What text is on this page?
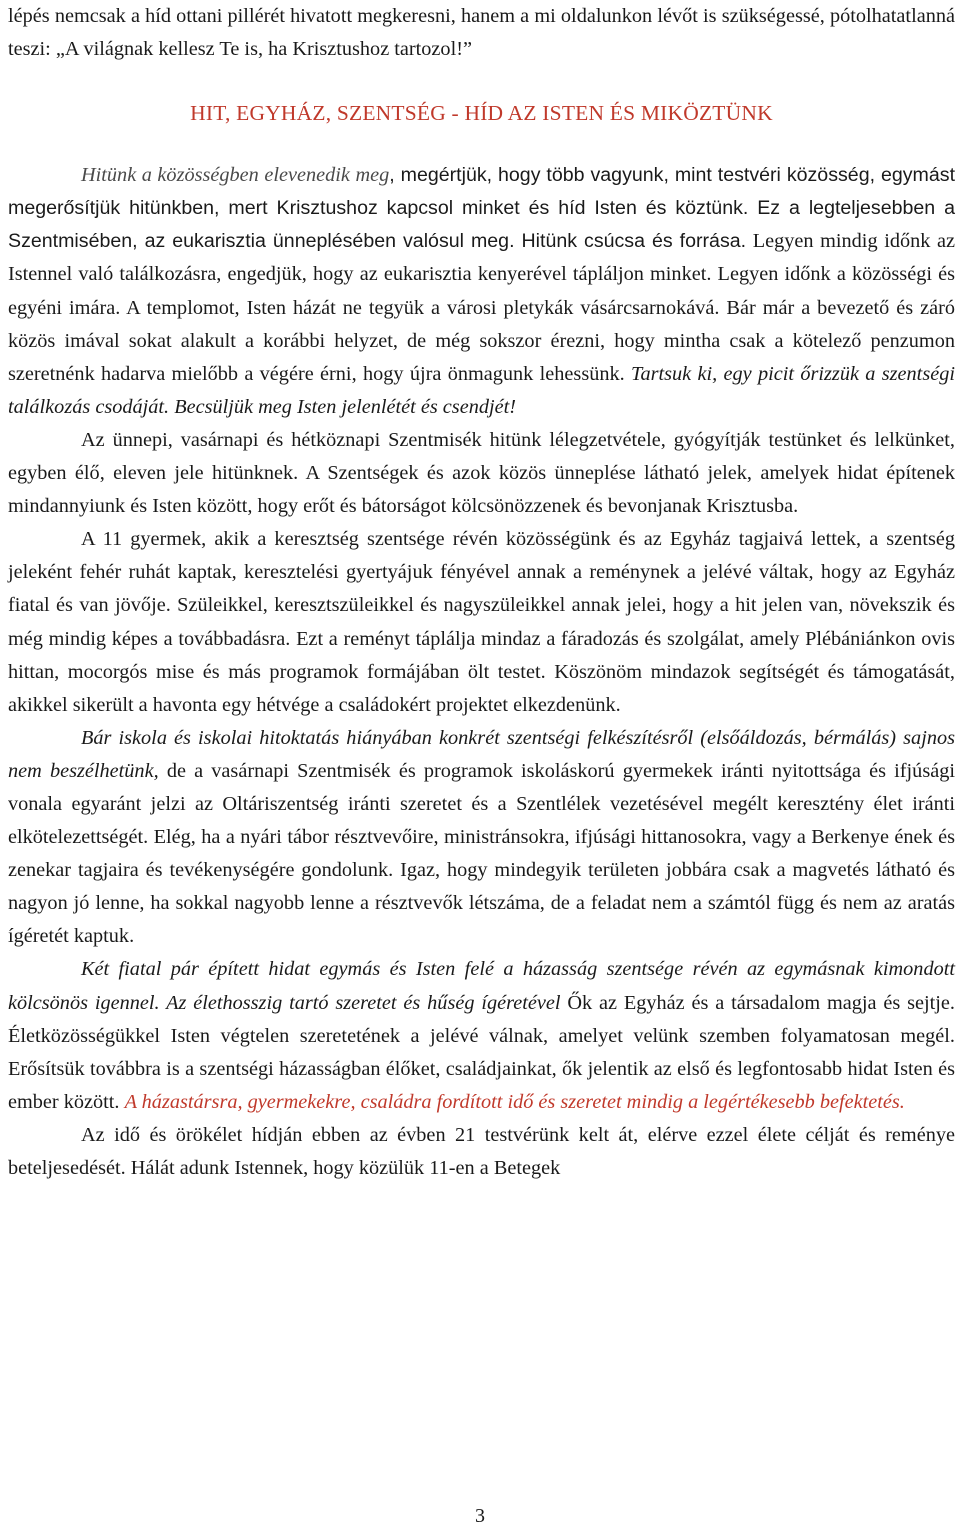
lépés nemcsak a híd ottani pillérét hivatott megkeresni, hanem a mi oldalunkon lévőt is szükségessé, pótolhatatlanná teszi: „A világnak kellesz Te is, ha Krisztushoz tartozol!”

HIT, EGYHÁZ, SZENTSÉG - HÍD AZ ISTEN ÉS MIKÖZTÜNK

Hitünk a közösségben elevenedik meg, megértjük, hogy több vagyunk, mint testvéri közösség, egymást megerősítjük hitünkben, mert Krisztushoz kapcsol minket és híd Isten és köztünk. Ez a legteljesebben a Szentmisében, az eukarisztia ünneplésében valósul meg. Hitünk csúcsa és forrása. Legyen mindig időnk az Istennel való találkozásra, engedjük, hogy az eukarisztia kenyerével tápláljon minket. Legyen időnk a közösségi és egyéni imára. A templomot, Isten házát ne tegyük a városi pletykák vásárcsarnokává. Bár már a bevezető és záró közös imával sokat alakult a korábbi helyzet, de még sokszor érezni, hogy mintha csak a kötelező penzumon szeretnénk hadarva mielőbb a végére érni, hogy újra önmagunk lehessünk. Tartsuk ki, egy picit őrizzük a szentségi találkozás csodáját. Becsüljük meg Isten jelenlétét és csendjét!

Az ünnepi, vasárnapi és hétköznapi Szentmisék hitünk lélegzetvétele, gyógyítják testünket és lelkünket, egyben élő, eleven jele hitünknek. A Szentségek és azok közös ünneplése látható jelek, amelyek hidat építenek mindannyiunk és Isten között, hogy erőt és bátorságot kölcsönözzenek és bevonjanak Krisztusba.

A 11 gyermek, akik a keresztség szentsége révén közösségünk és az Egyház tagjaivá lettek, a szentség jeleként fehér ruhát kaptak, keresztelési gyertyájuk fényével annak a reménynek a jelévé váltak, hogy az Egyház fiatal és van jövője. Szüleikkel, keresztszüleikkel és nagyszüleikkel annak jelei, hogy a hit jelen van, növekszik és még mindig képes a továbbadásra. Ezt a reményt táplálja mindaz a fáradozás és szolgálat, amely Plébániánkon ovis hittan, mocorgós mise és más programok formájában ölt testet. Köszönöm mindazok segítségét és támogatását, akikkel sikerült a havonta egy hétvége a családokért projektet elkezdenünk.

Bár iskola és iskolai hitoktatás hiányában konkrét szentségi felkészítésről (elsőáldozás, bérmálás) sajnos nem beszélhetünk, de a vasárnapi Szentmisék és programok iskoláskorú gyermekek iránti nyitottsága és ifjúsági vonala egyaránt jelzi az Oltáriszentség iránti szeretet és a Szentlélek vezetésével megélt keresztény élet iránti elkötelezettségét. Elég, ha a nyári tábor résztvevőire, ministránsokra, ifjúsági hittanosokra, vagy a Berkenye ének és zenekar tagjaira és tevékenységére gondolunk. Igaz, hogy mindegyik területen jobbára csak a magvetés látható és nagyon jó lenne, ha sokkal nagyobb lenne a résztvevők létszáma, de a feladat nem a számtól függ és nem az aratás ígéretét kaptuk.

Két fiatal pár épített hidat egymás és Isten felé a házasság szentsége révén az egymásnak kimondott kölcsönös igennel. Az élethosszig tartó szeretet és hűség ígéretével Ők az Egyház és a társadalom magja és sejtje. Életközösségükkel Isten végtelen szeretetének a jelévé válnak, amelyet velünk szemben folyamatosan megél. Erősítsük továbbra is a szentségi házasságban élőket, családjainkat, ők jelentik az első és legfontosabb hidat Isten és ember között. A házastársra, gyermekekre, családra fordított idő és szeretet mindig a legértékesebb befektetés.

Az idő és örökélet hídján ebben az évben 21 testvérünk kelt át, elérve ezzel élete célját és reménye beteljesedését. Hálát adunk Istennek, hogy közülük 11-en a Betegek

3
